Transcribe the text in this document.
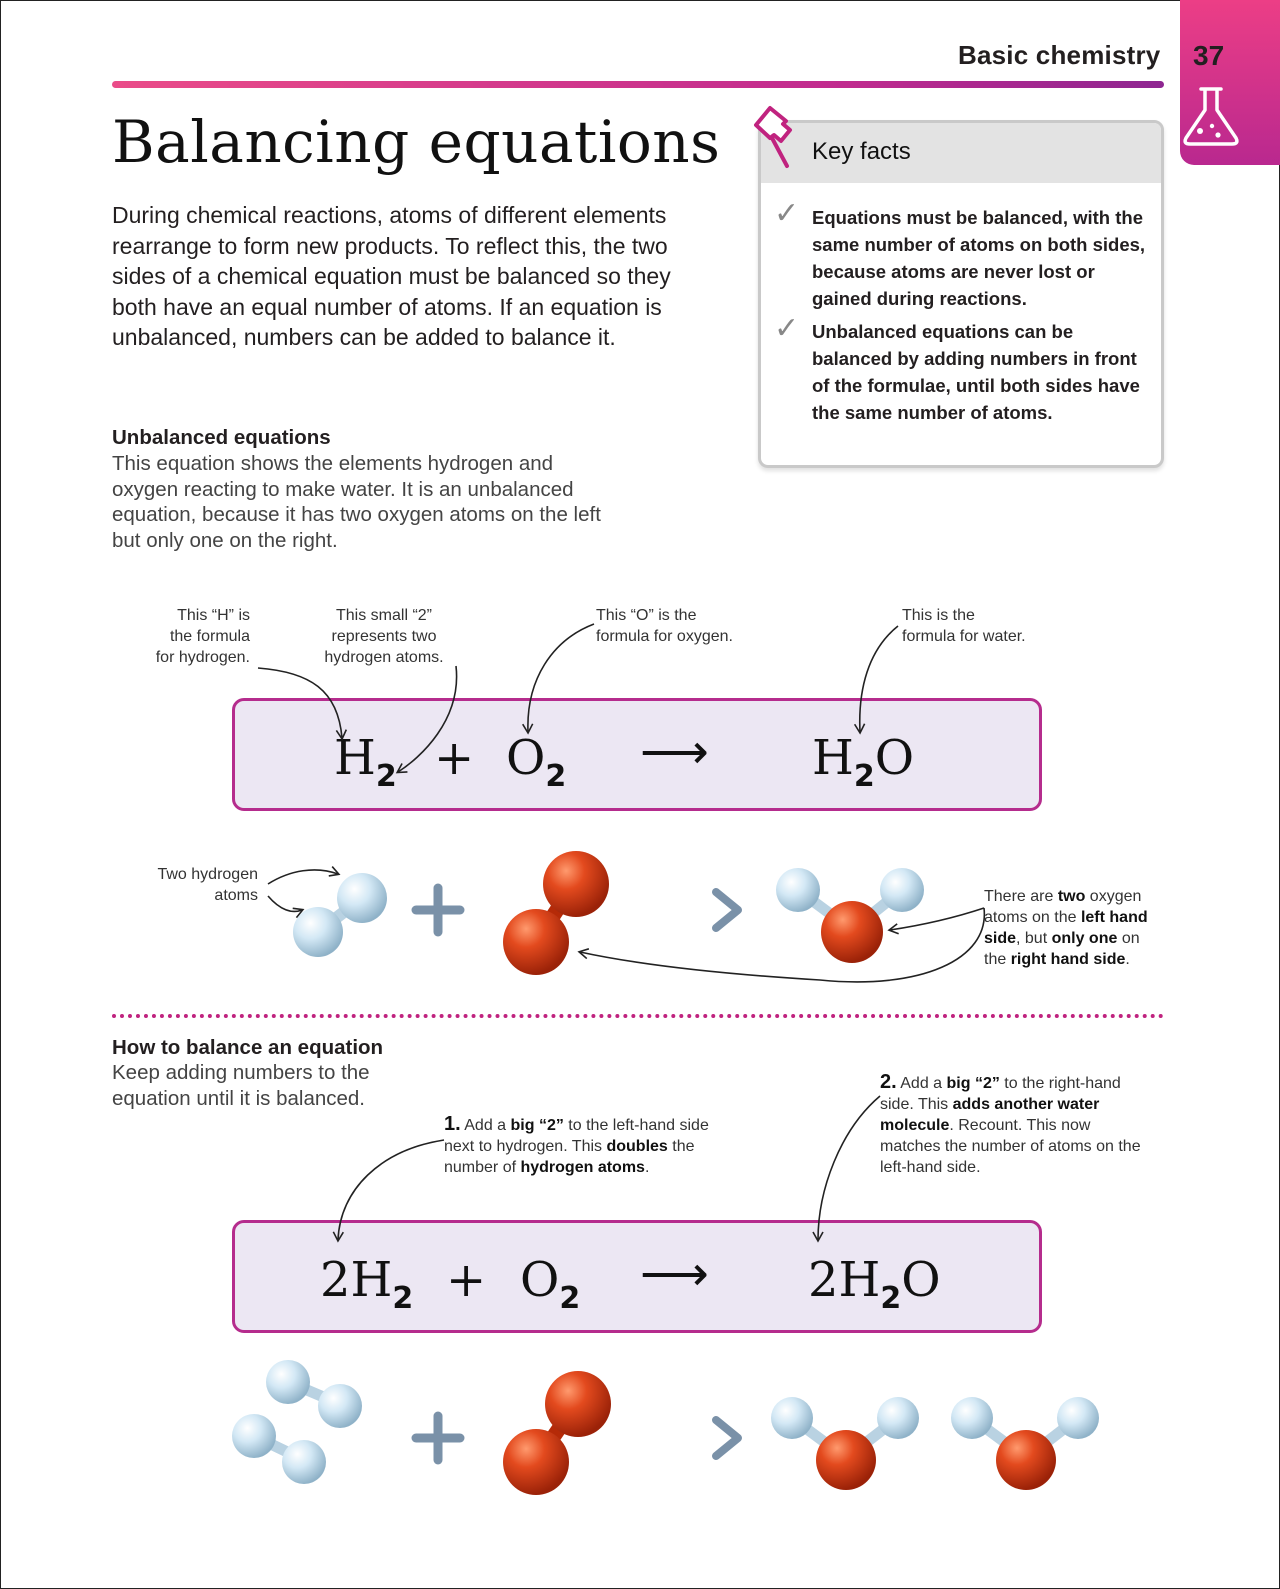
Basic chemistry 37
Balancing equations
During chemical reactions, atoms of different elements rearrange to form new products. To reflect this, the two sides of a chemical equation must be balanced so they both have an equal number of atoms. If an equation is unbalanced, numbers can be added to balance it.
Key facts
✓ Equations must be balanced, with the same number of atoms on both sides, because atoms are never lost or gained during reactions.
✓ Unbalanced equations can be balanced by adding numbers in front of the formulae, until both sides have the same number of atoms.
Unbalanced equations
This equation shows the elements hydrogen and oxygen reacting to make water. It is an unbalanced equation, because it has two oxygen atoms on the left but only one on the right.
This “H” is
the formula
for hydrogen.
This small “2”
represents two
hydrogen atoms.
This “O” is the
formula for oxygen.
This is the
formula for water.
$H_2 + O_2$ ⟶ $H_2O$
Two hydrogen
atoms	There are two oxygen atoms on the left hand side, but only one on the right hand side.
How to balance an equation
Keep adding numbers to the equation until it is balanced.
1. Add a big “2” to the left-hand side next to hydrogen. This doubles the number of hydrogen atoms.
2. Add a big “2” to the right-hand side. This adds another water molecule. Recount. This now matches the number of atoms on the left-hand side.
$2H_2 + O_2$ ⟶ $2H_2O$
